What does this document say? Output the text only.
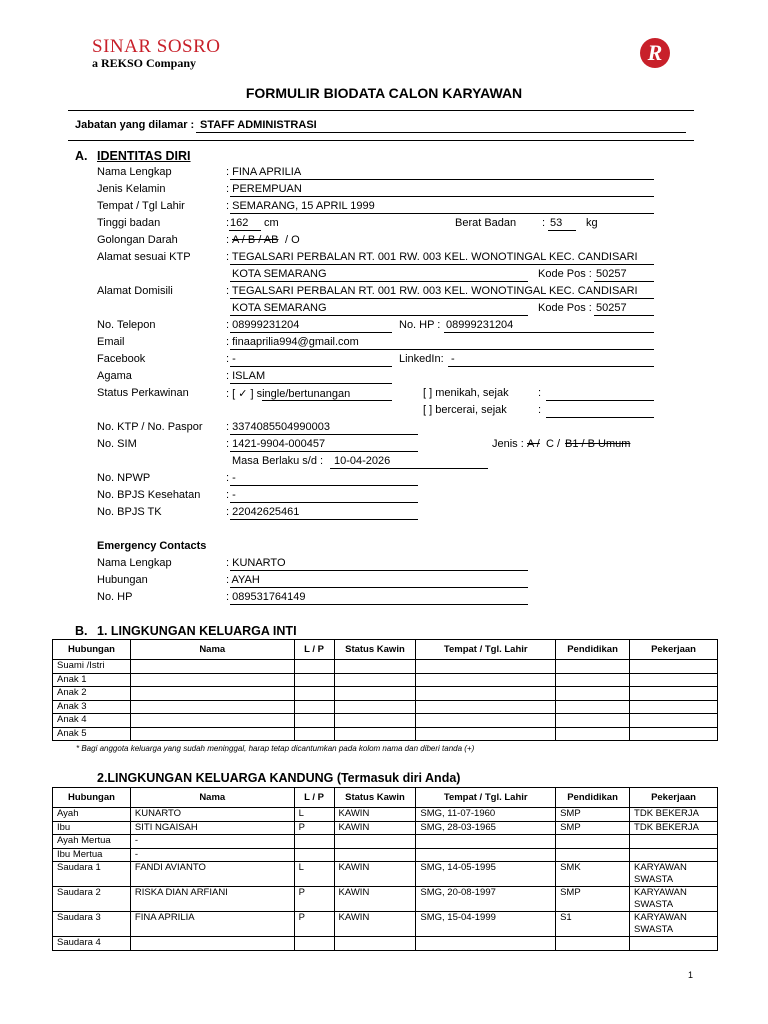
SINAR SOSRO
a REKSO Company	R
FORMULIR BIODATA CALON KARYAWAN
Jabatan yang dilamar : STAFF ADMINISTRASI
A. IDENTITAS DIRI
Nama Lengkap	: FINA APRILIA
Jenis Kelamin	: PEREMPUAN
Tempat / Tgl Lahir	: SEMARANG, 15 APRIL 1999
Tinggi badan	: 162 cm	Berat Badan : 53 kg
Golongan Darah	: A / B / AB / O
Alamat sesuai KTP	: TEGALSARI PERBALAN RT. 001 RW. 003 KEL. WONOTINGAL KEC. CANDISARI
KOTA SEMARANG	Kode Pos : 50257
Alamat Domisili	: TEGALSARI PERBALAN RT. 001 RW. 003 KEL. WONOTINGAL KEC. CANDISARI
KOTA SEMARANG	Kode Pos : 50257
No. Telepon	: 08999231204	No. HP : 08999231204
Email	: finaaprilia994@gmail.com
Facebook	: -	LinkedIn: -
Agama	: ISLAM
Status Perkawinan	: [ ✓ ] single/bertunangan	[ ] menikah, sejak	:
[ ] bercerai, sejak	:
No. KTP / No. Paspor : 3374085504990003
No. SIM	: 1421-9904-000457	Jenis : A / C / B1 / B Umum
Masa Berlaku s/d : 10-04-2026
No. NPWP	: -
No. BPJS Kesehatan : -
No. BPJS TK	: 22042625461
Emergency Contacts
Nama Lengkap	: KUNARTO
Hubungan	: AYAH
No. HP	: 089531764149
B. 1. LINGKUNGAN KELUARGA INTI
Hubungan	Nama	L / P	Status Kawin	Tempat / Tgl. Lahir	Pendidikan	Pekerjaan
Suami /Istri						
Anak 1						
Anak 2						
Anak 3						
Anak 4						
Anak 5						
* Bagi anggota keluarga yang sudah meninggal, harap tetap dicantumkan pada kolom nama dan diberi tanda (+)
2.LINGKUNGAN KELUARGA KANDUNG (Termasuk diri Anda)
Hubungan	Nama	L / P	Status Kawin	Tempat / Tgl. Lahir	Pendidikan	Pekerjaan
Ayah	KUNARTO	L	KAWIN	SMG, 11-07-1960	SMP	TDK BEKERJA
Ibu	SITI NGAISAH	P	KAWIN	SMG, 28-03-1965	SMP	TDK BEKERJA
Ayah Mertua	-					
Ibu Mertua	-					
Saudara 1	FANDI AVIANTO	L	KAWIN	SMG, 14-05-1995	SMK	KARYAWAN
SWASTA
Saudara 2	RISKA DIAN ARFIANI	P	KAWIN	SMG, 20-08-1997	SMP	KARYAWAN
SWASTA
Saudara 3	FINA APRILIA	P	KAWIN	SMG, 15-04-1999	S1	KARYAWAN
SWASTA
Saudara 4						
1
